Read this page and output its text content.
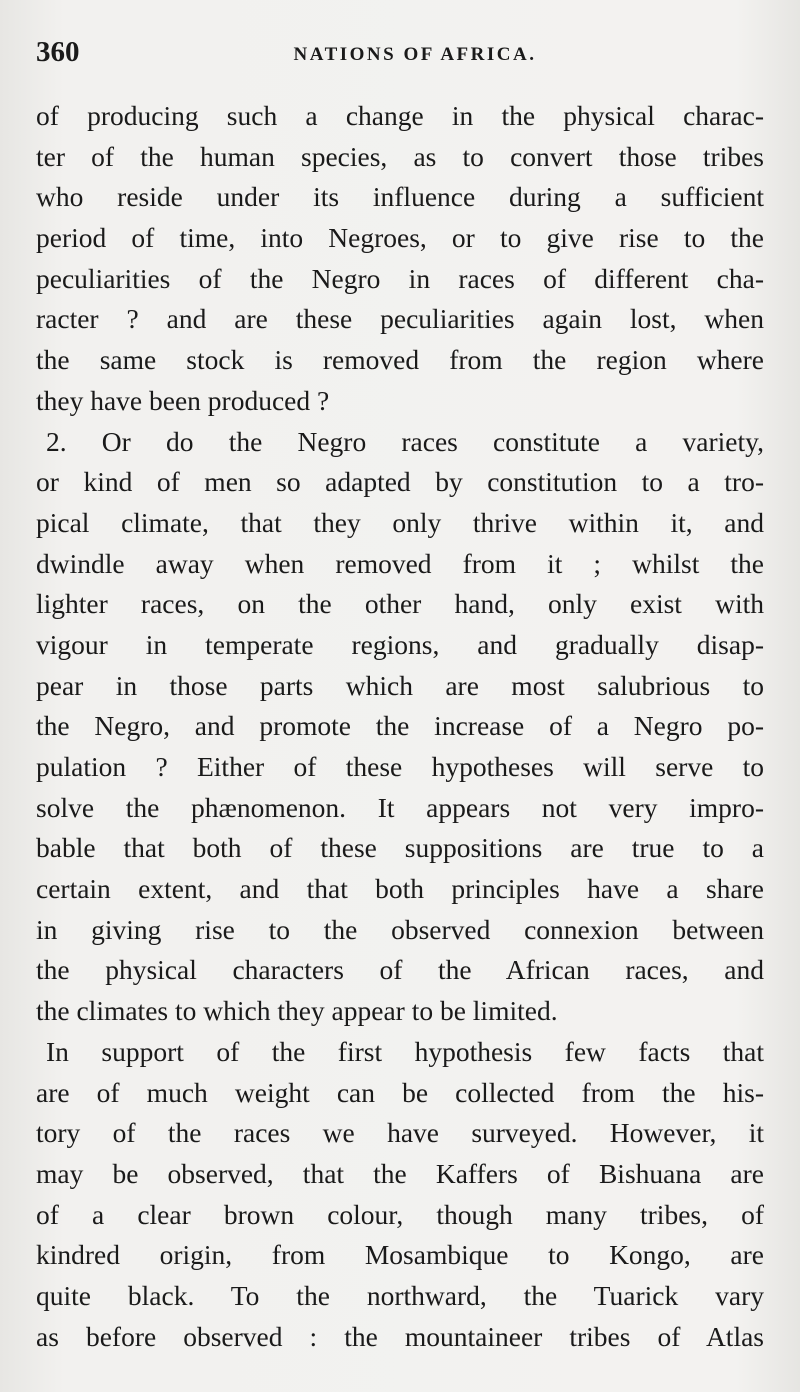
360	NATIONS OF AFRICA.
of producing such a change in the physical charac-
ter of the human species, as to convert those tribes
who reside under its influence during a sufficient
period of time, into Negroes, or to give rise to the
peculiarities of the Negro in races of different cha-
racter ? and are these peculiarities again lost, when
the same stock is removed from the region where
they have been produced ?
2. Or do the Negro races constitute a variety,
or kind of men so adapted by constitution to a tro-
pical climate, that they only thrive within it, and
dwindle away when removed from it ; whilst the
lighter races, on the other hand, only exist with
vigour in temperate regions, and gradually disap-
pear in those parts which are most salubrious to
the Negro, and promote the increase of a Negro po-
pulation ? Either of these hypotheses will serve to
solve the phænomenon. It appears not very impro-
bable that both of these suppositions are true to a
certain extent, and that both principles have a share
in giving rise to the observed connexion between
the physical characters of the African races, and
the climates to which they appear to be limited.
In support of the first hypothesis few facts that
are of much weight can be collected from the his-
tory of the races we have surveyed. However, it
may be observed, that the Kaffers of Bishuana are
of a clear brown colour, though many tribes, of
kindred origin, from Mosambique to Kongo, are
quite black. To the northward, the Tuarick vary
as before observed : the mountaineer tribes of Atlas
